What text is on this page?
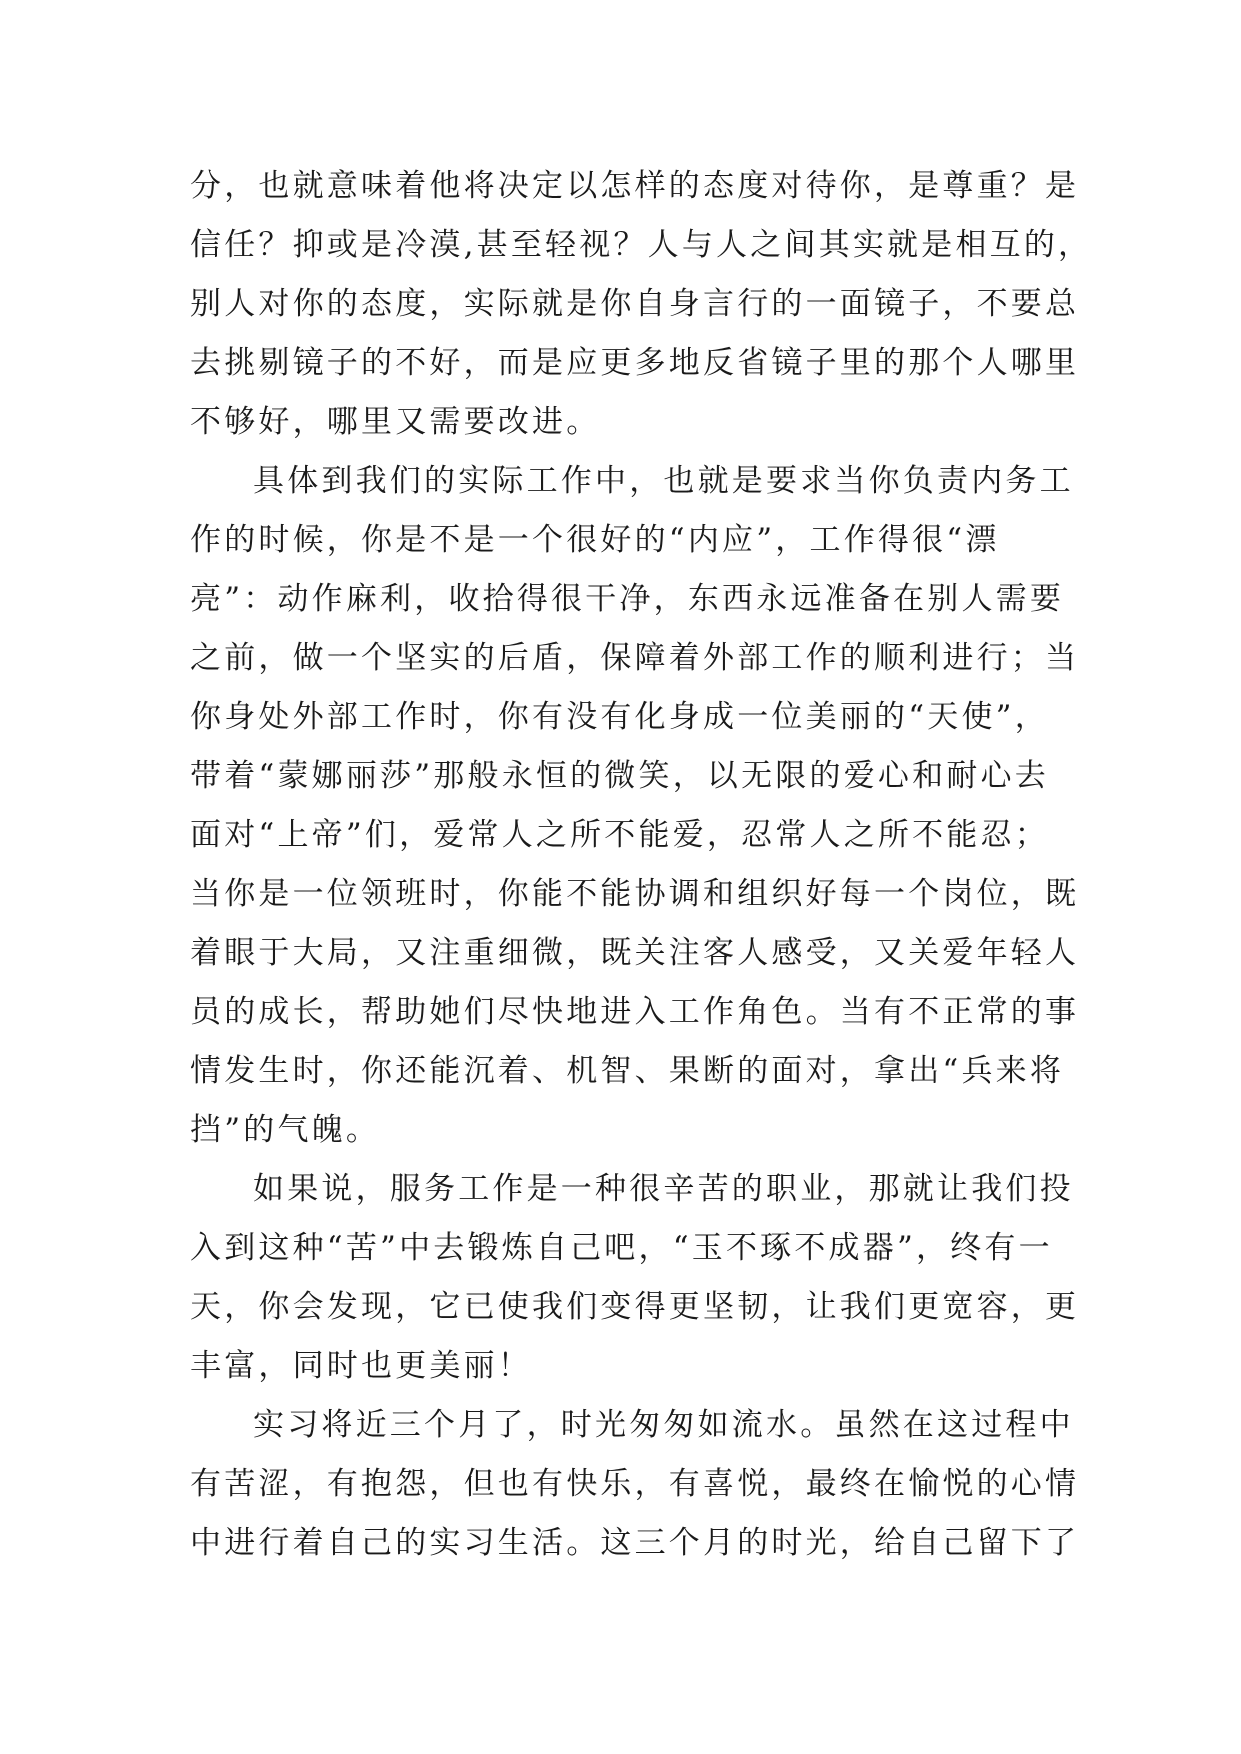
分，也就意味着他将决定以怎样的态度对待你，是尊重？是
信任？抑或是冷漠,甚至轻视？人与人之间其实就是相互的，
别人对你的态度，实际就是你自身言行的一面镜子，不要总
去挑剔镜子的不好，而是应更多地反省镜子里的那个人哪里
不够好，哪里又需要改进。
具体到我们的实际工作中，也就是要求当你负责内务工
作的时候，你是不是一个很好的“内应”，工作得很“漂
亮”：动作麻利，收拾得很干净，东西永远准备在别人需要
之前，做一个坚实的后盾，保障着外部工作的顺利进行；当
你身处外部工作时，你有没有化身成一位美丽的“天使”，
带着“蒙娜丽莎”那般永恒的微笑，以无限的爱心和耐心去
面对“上帝”们，爱常人之所不能爱，忍常人之所不能忍；
当你是一位领班时，你能不能协调和组织好每一个岗位，既
着眼于大局，又注重细微，既关注客人感受，又关爱年轻人
员的成长，帮助她们尽快地进入工作角色。当有不正常的事
情发生时，你还能沉着、机智、果断的面对，拿出“兵来将
挡”的气魄。
如果说，服务工作是一种很辛苦的职业，那就让我们投
入到这种“苦”中去锻炼自己吧，“玉不琢不成器”，终有一
天，你会发现，它已使我们变得更坚韧，让我们更宽容，更
丰富，同时也更美丽！
实习将近三个月了，时光匆匆如流水。虽然在这过程中
有苦涩，有抱怨，但也有快乐，有喜悦，最终在愉悦的心情
中进行着自己的实习生活。这三个月的时光，给自己留下了
